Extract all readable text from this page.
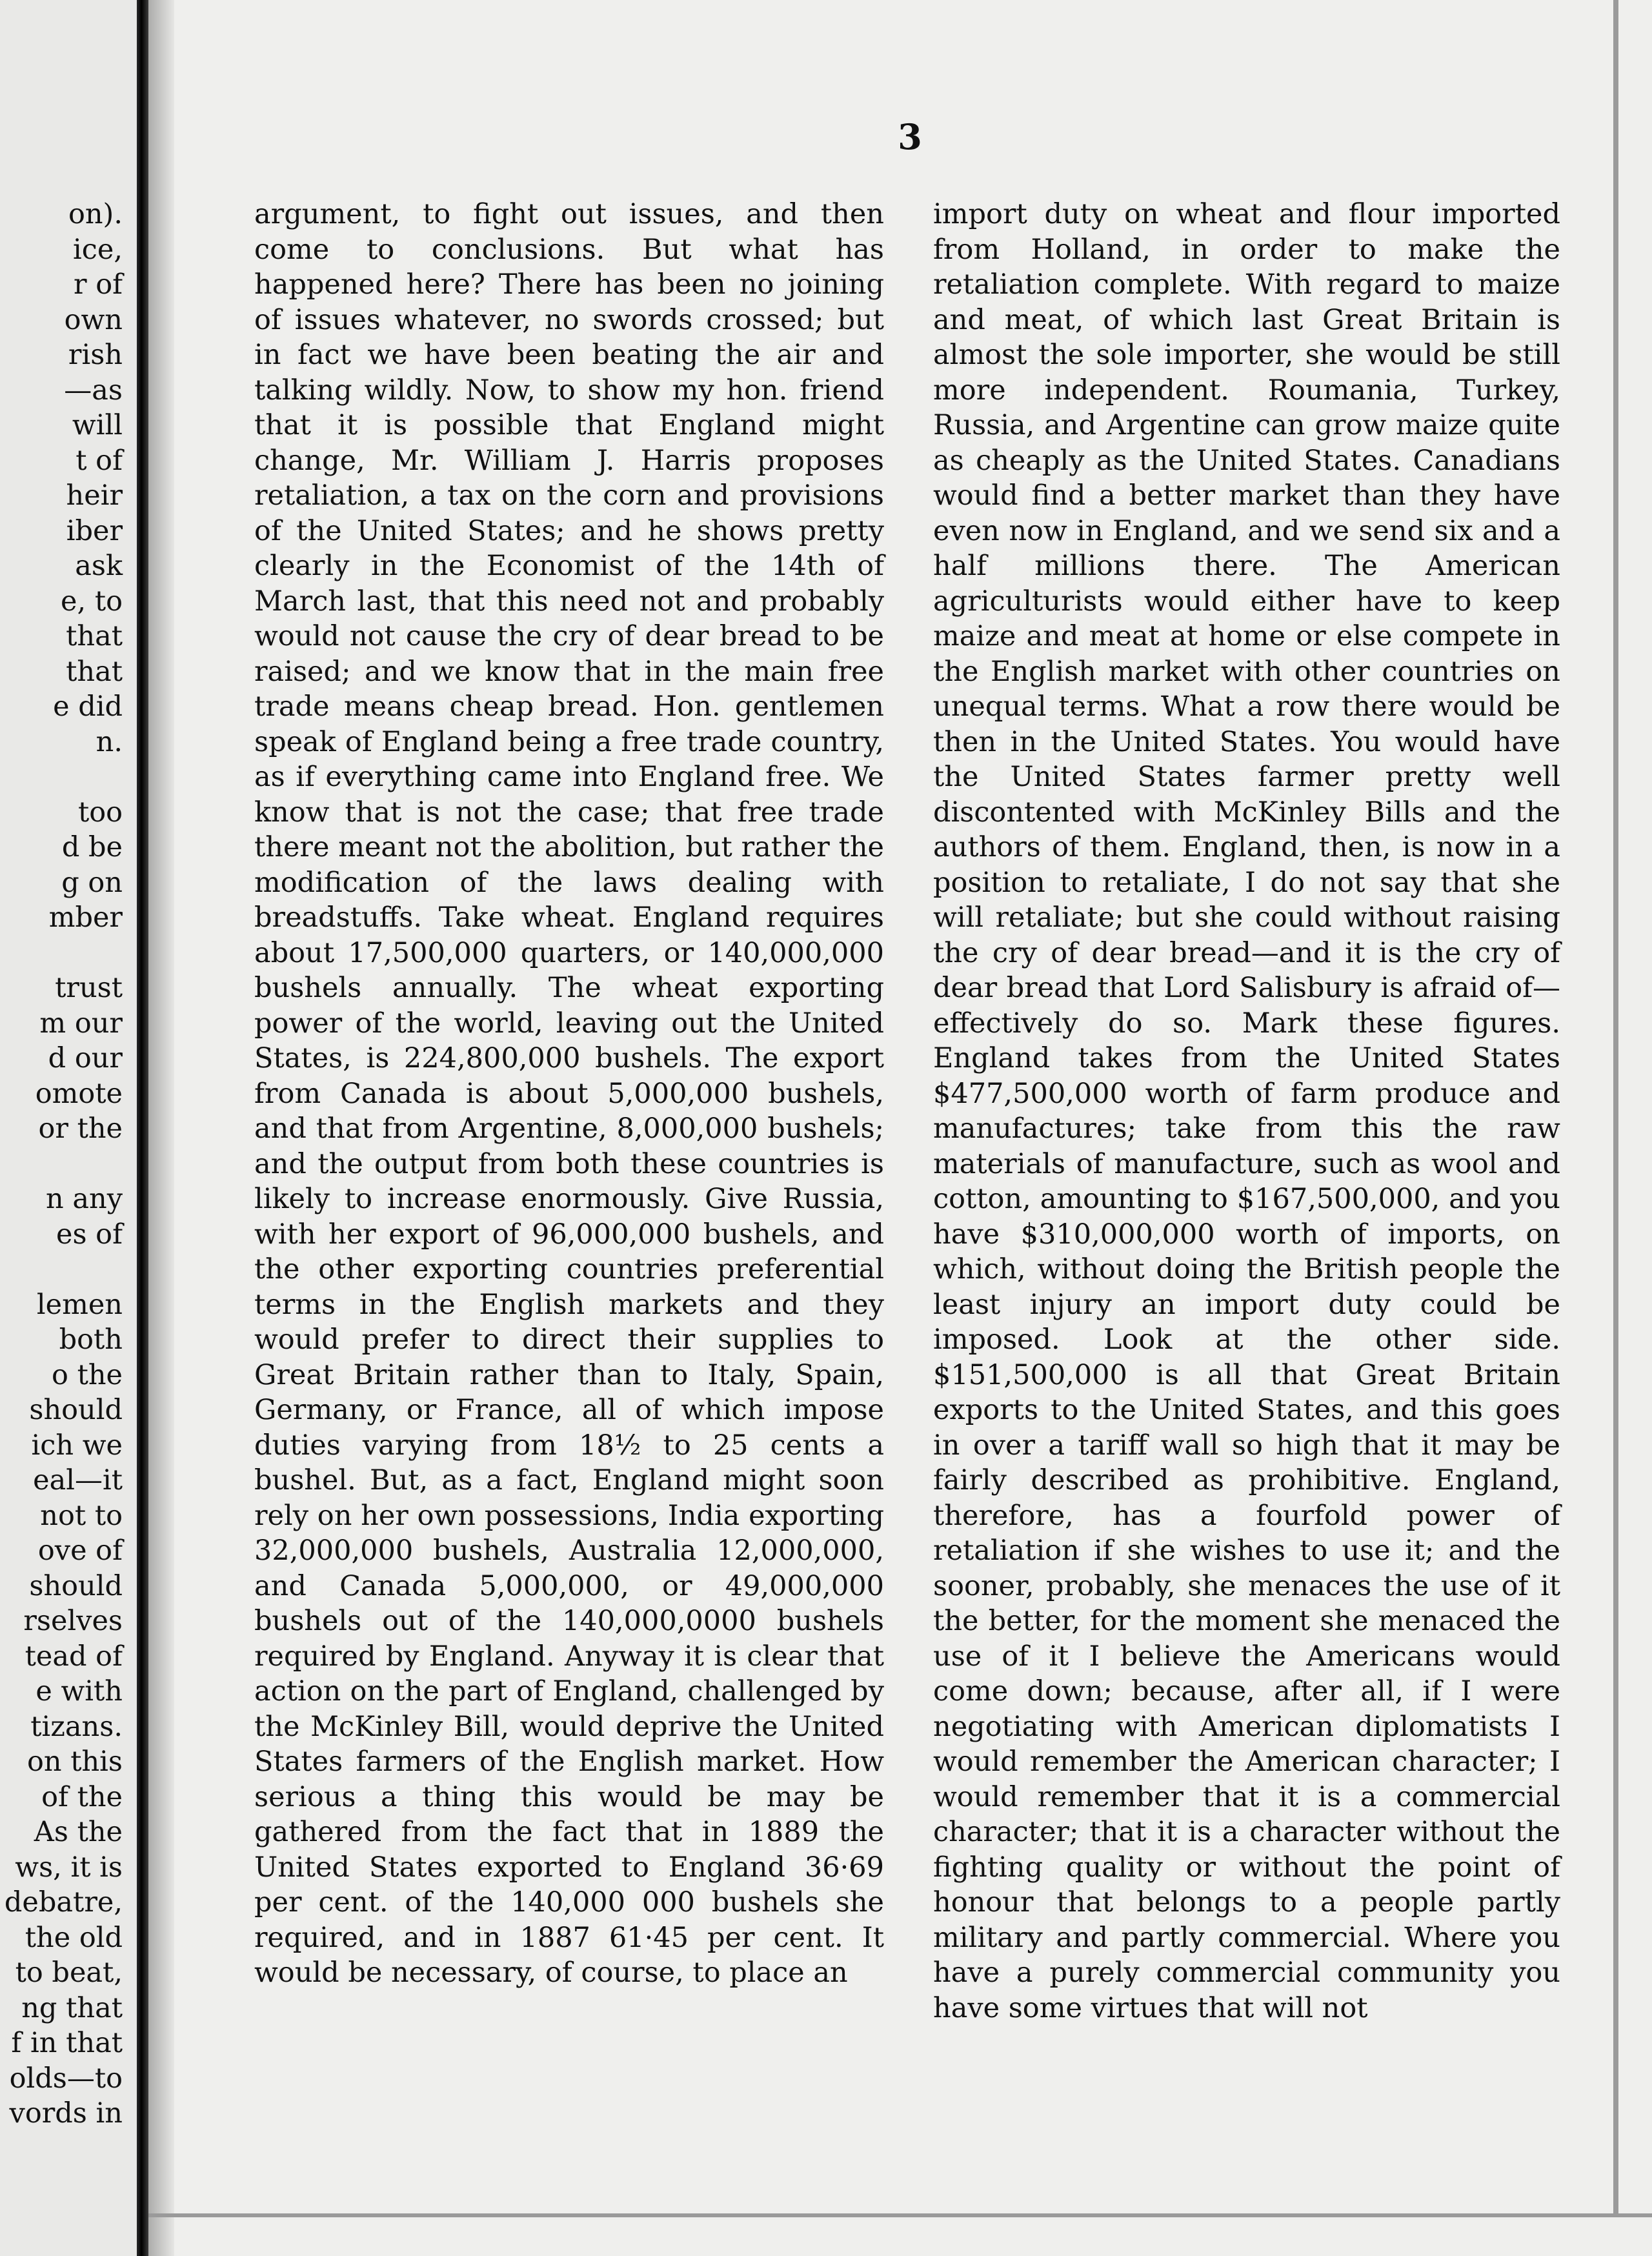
on).
ice,
r of
own
rish
—as
will
t of
heir
iber
ask
e, to
that
that
e did
n.
too
d be
g on
mber
trust
m our
d our
omote
or the
n any
es of
lemen
both
o the
should
ich we
eal—it
not to
ove of
should
rselves
tead of
e with
tizans.
on this
of the
As the
ws, it is
debatre,
the old
to beat,
ng that
f in that
olds—to
vords in
3
argument, to fight out issues, and then come to conclusions. But what has happened here? There has been no joining of issues whatever, no swords crossed; but in fact we have been beating the air and talking wildly. Now, to show my hon. friend that it is possible that England might change, Mr. William J. Harris proposes retaliation, a tax on the corn and provisions of the United States; and he shows pretty clearly in the Economist of the 14th of March last, that this need not and probably would not cause the cry of dear bread to be raised; and we know that in the main free trade means cheap bread. Hon. gentlemen speak of England being a free trade country, as if everything came into England free. We know that is not the case; that free trade there meant not the abolition, but rather the modification of the laws dealing with breadstuffs. Take wheat. England requires about 17,500,000 quarters, or 140,000,000 bushels annually. The wheat exporting power of the world, leaving out the United States, is 224,800,000 bushels. The export from Canada is about 5,000,000 bushels, and that from Argentine, 8,000,000 bushels; and the output from both these countries is likely to increase enormously. Give Russia, with her export of 96,000,000 bushels, and the other exporting countries preferential terms in the English markets and they would prefer to direct their supplies to Great Britain rather than to Italy, Spain, Germany, or France, all of which impose duties varying from 18½ to 25 cents a bushel. But, as a fact, England might soon rely on her own possessions, India exporting 32,000,000 bushels, Australia 12,000,000, and Canada 5,000,000, or 49,000,000 bushels out of the 140,000,0000 bushels required by England. Anyway it is clear that action on the part of England, challenged by the McKinley Bill, would deprive the United States farmers of the English market. How serious a thing this would be may be gathered from the fact that in 1889 the United States exported to England 36·69 per cent. of the 140,000 000 bushels she required, and in 1887 61·45 per cent. It would be necessary, of course, to place an
import duty on wheat and flour imported from Holland, in order to make the retaliation complete. With regard to maize and meat, of which last Great Britain is almost the sole importer, she would be still more independent. Roumania, Turkey, Russia, and Argentine can grow maize quite as cheaply as the United States. Canadians would find a better market than they have even now in England, and we send six and a half millions there. The American agriculturists would either have to keep maize and meat at home or else compete in the English market with other countries on unequal terms. What a row there would be then in the United States. You would have the United States farmer pretty well discontented with McKinley Bills and the authors of them. England, then, is now in a position to retaliate, I do not say that she will retaliate; but she could without raising the cry of dear bread—and it is the cry of dear bread that Lord Salisbury is afraid of—effectively do so. Mark these figures. England takes from the United States $477,500,000 worth of farm produce and manufactures; take from this the raw materials of manufacture, such as wool and cotton, amounting to $167,500,000, and you have $310,000,000 worth of imports, on which, without doing the British people the least injury an import duty could be imposed. Look at the other side. $151,500,000 is all that Great Britain exports to the United States, and this goes in over a tariff wall so high that it may be fairly described as prohibitive. England, therefore, has a fourfold power of retaliation if she wishes to use it; and the sooner, probably, she menaces the use of it the better, for the moment she menaced the use of it I believe the Americans would come down; because, after all, if I were negotiating with American diplomatists I would remember the American character; I would remember that it is a commercial character; that it is a character without the fighting quality or without the point of honour that belongs to a people partly military and partly commercial. Where you have a purely commercial community you have some virtues that will not
